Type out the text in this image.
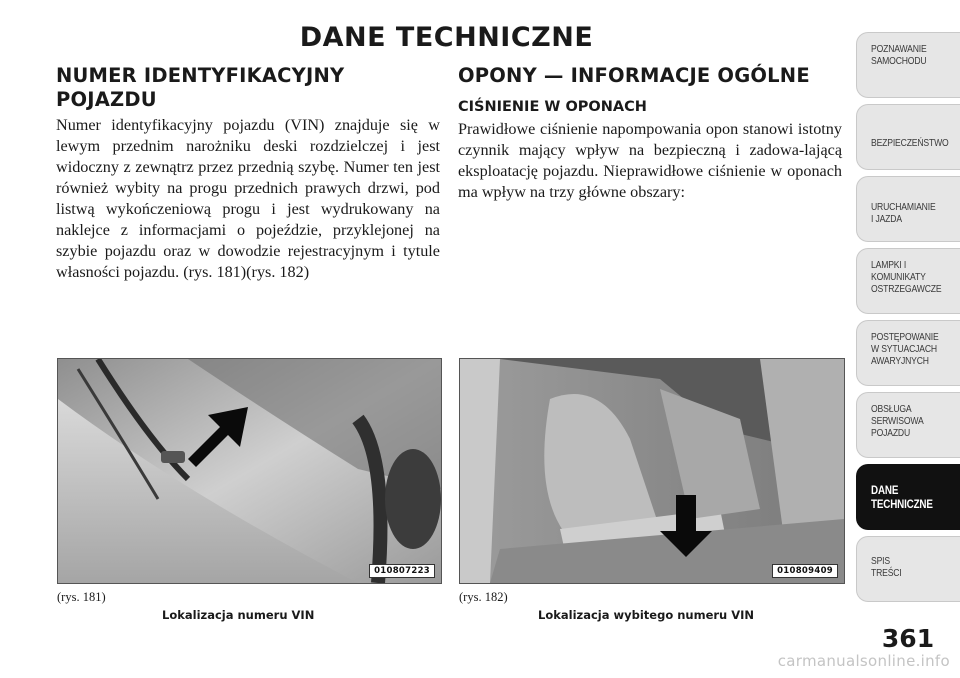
DANE TECHNICZNE
NUMER IDENTYFIKACYJNY
POJAZDU

Numer identyfikacyjny pojazdu (VIN) znajduje się w lewym przednim narożniku deski rozdzielczej i jest widoczny z zewnątrz przez przednią szybę. Numer ten jest również wybity na progu przednich prawych drzwi, pod listwą wykończeniową progu i jest wydrukowany na naklejce z informacjami o pojeździe, przyklejonej na szybie pojazdu oraz w dowodzie rejestracyjnym i tytule własności pojazdu. (rys. 181)(rys. 182)

OPONY — INFORMACJE OGÓLNE
CIŚNIENIE W OPONACH

Prawidłowe ciśnienie napompowania opon stanowi istotny czynnik mający wpływ na bezpieczną i zadowa-lającą eksploatację pojazdu. Nieprawidłowe ciśnienie w oponach ma wpływ na trzy główne obszary:

010807223
(rys. 181)
Lokalizacja numeru VIN
010809409
(rys. 182)
Lokalizacja wybitego numeru VIN
POZNAWANIE
SAMOCHODU
BEZPIECZEŃSTWO
URUCHAMIANIE
I JAZDA
LAMPKI I
KOMUNIKATY
OSTRZEGAWCZE
POSTĘPOWANIE
W SYTUACJACH
AWARYJNYCH
OBSŁUGA
SERWISOWA
POJAZDU
DANE
TECHNICZNE
SPIS
TREŚCI
361
carmanualsonline.info
